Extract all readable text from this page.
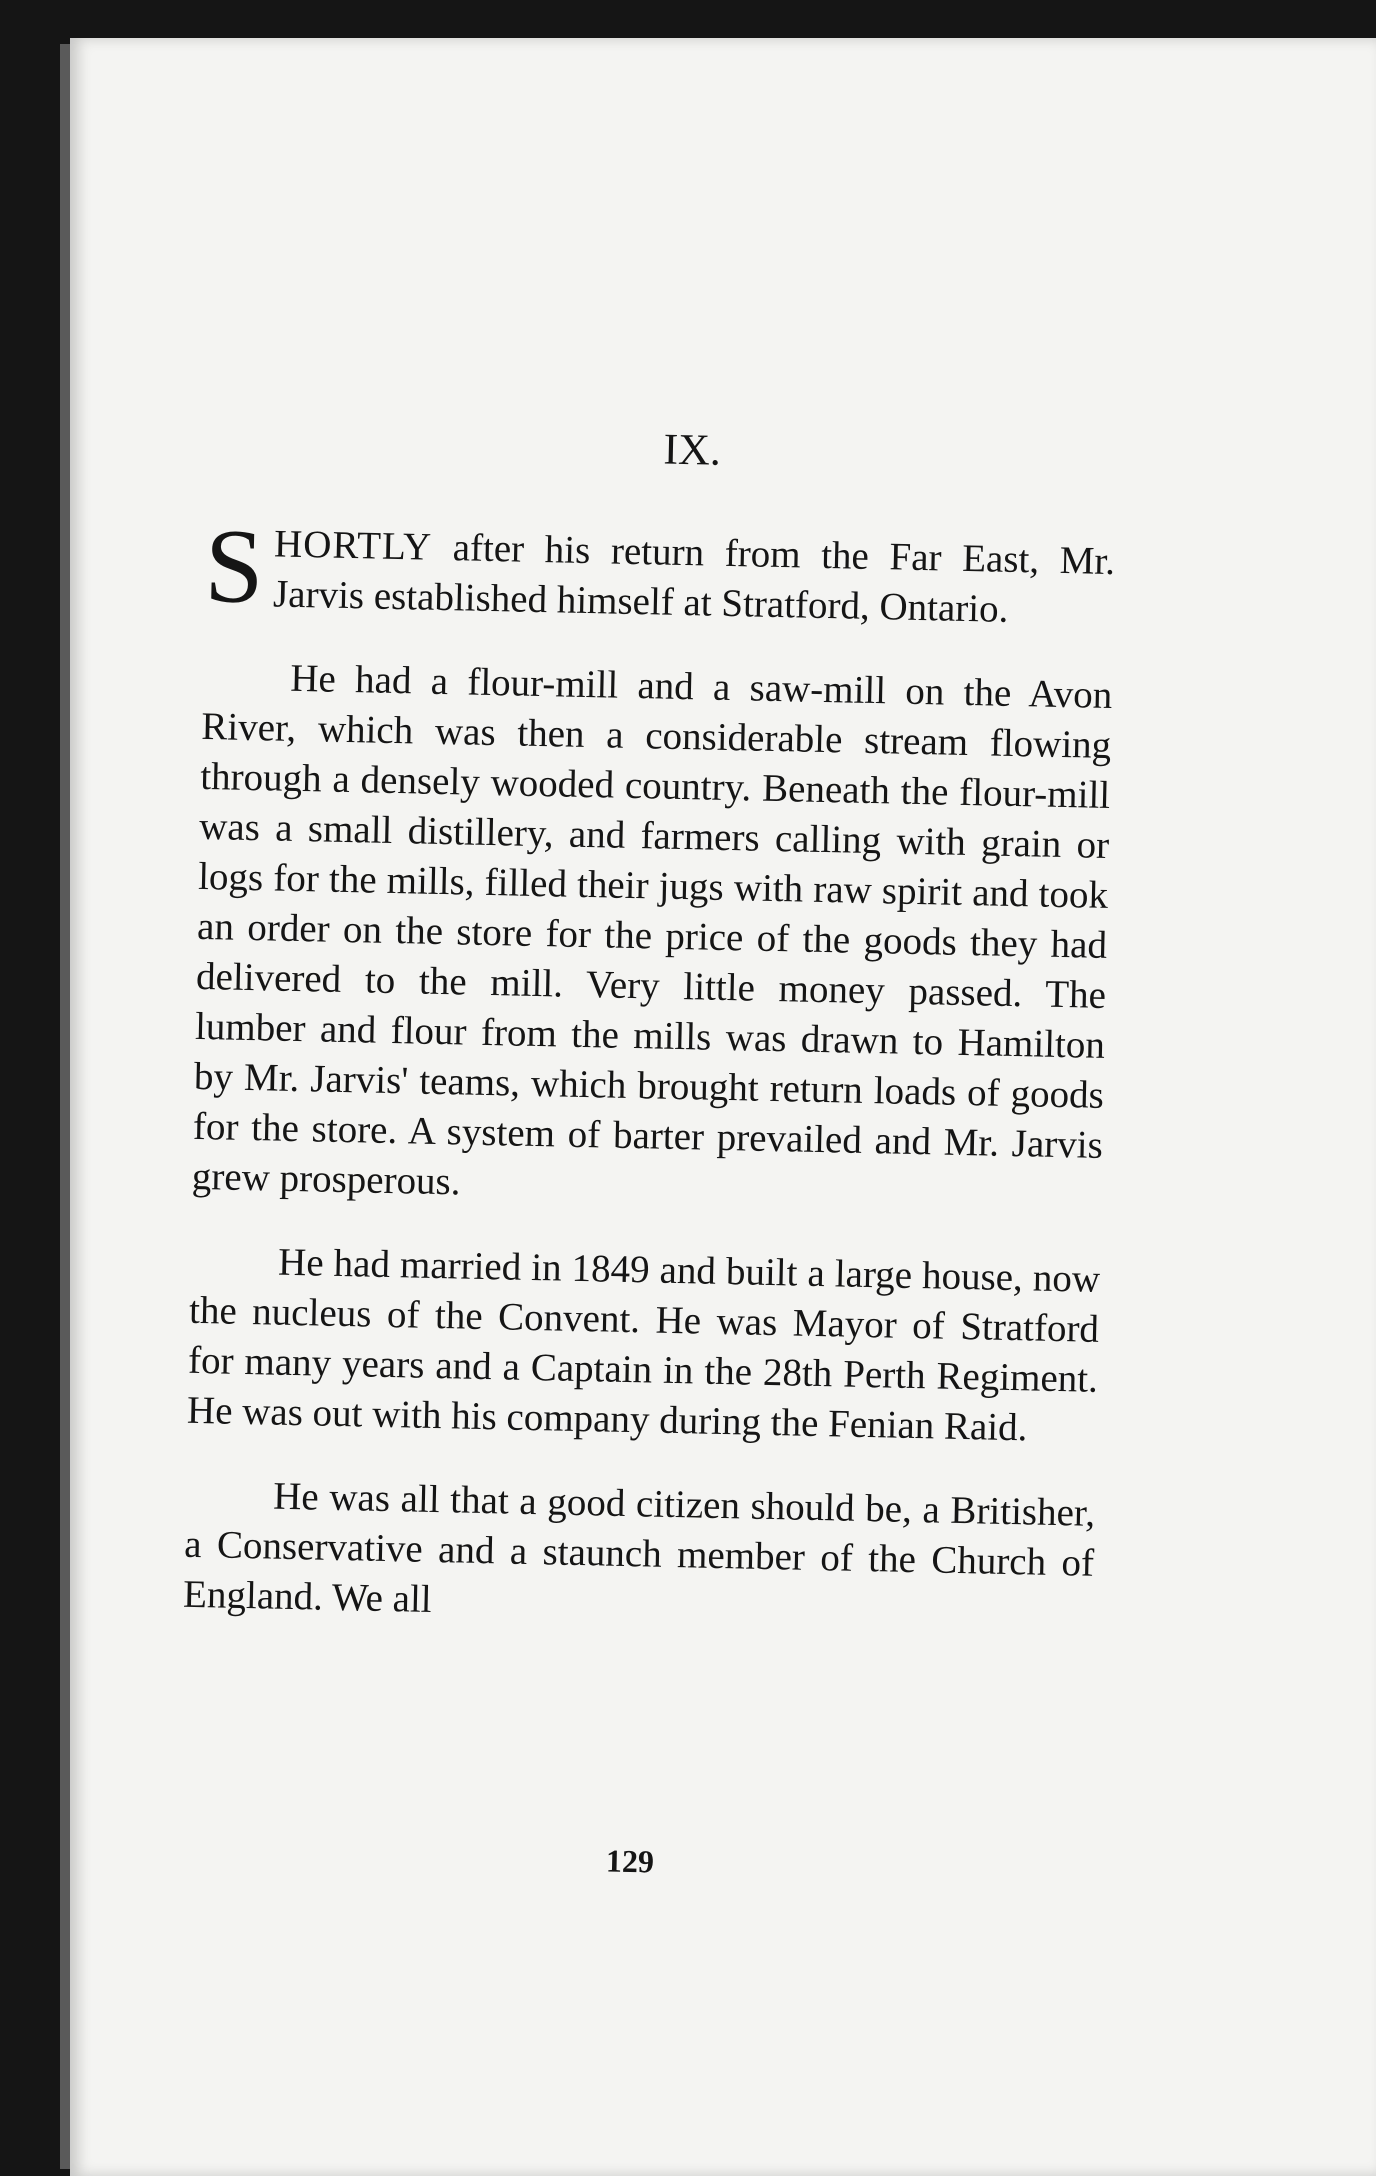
IX.

SHORTLY after his return from the Far East, Mr. Jarvis established himself at Stratford, Ontario.

He had a flour-mill and a saw-mill on the Avon River, which was then a considerable stream flowing through a densely wooded country. Beneath the flour-mill was a small distillery, and farmers calling with grain or logs for the mills, filled their jugs with raw spirit and took an order on the store for the price of the goods they had delivered to the mill. Very little money passed. The lumber and flour from the mills was drawn to Hamilton by Mr. Jarvis' teams, which brought return loads of goods for the store. A system of barter prevailed and Mr. Jarvis grew prosperous.

He had married in 1849 and built a large house, now the nucleus of the Convent. He was Mayor of Stratford for many years and a Captain in the 28th Perth Regiment. He was out with his company during the Fenian Raid.

He was all that a good citizen should be, a Britisher, a Conservative and a staunch member of the Church of England. We all

129
